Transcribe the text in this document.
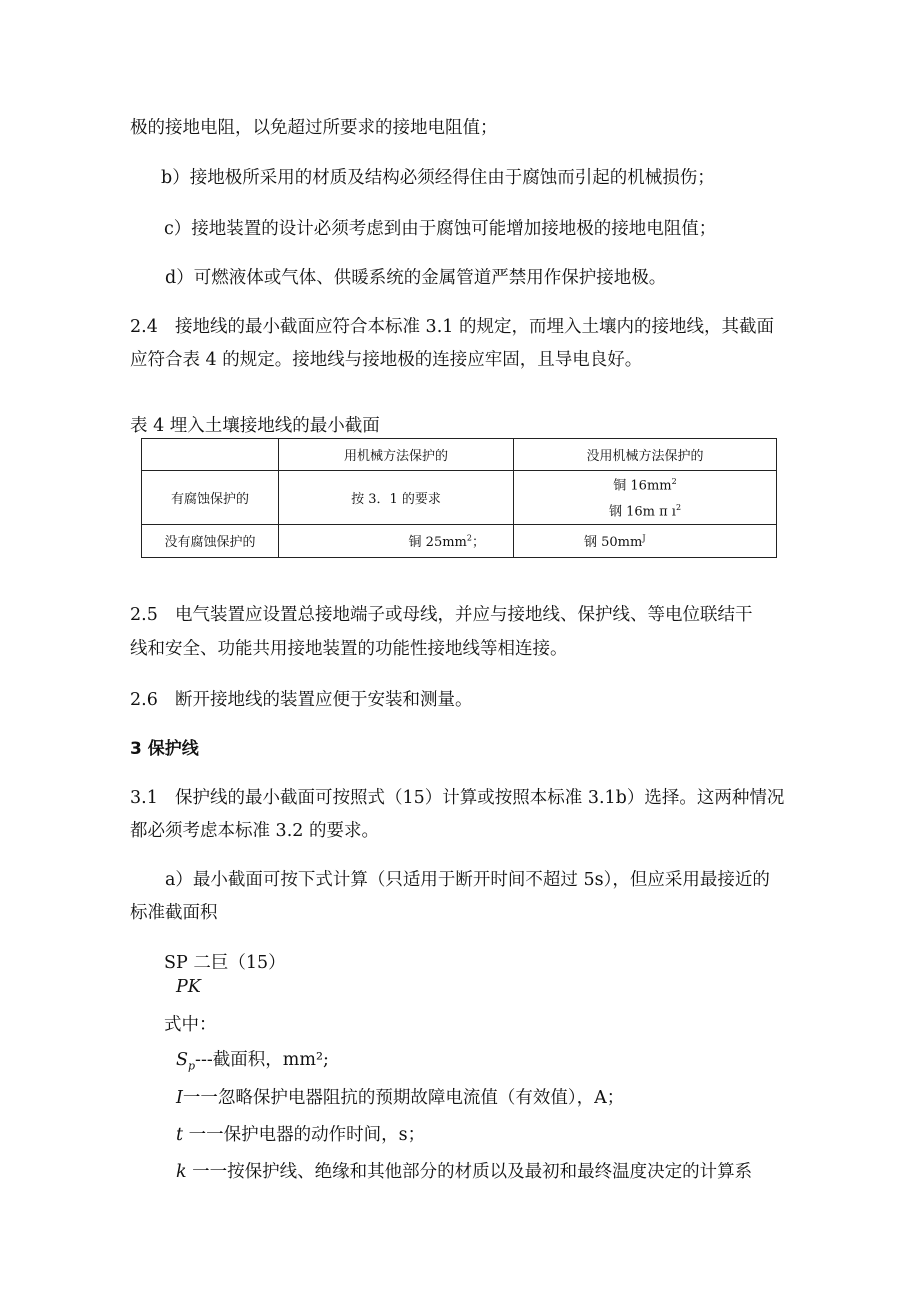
极的接地电阻，以免超过所要求的接地电阻值；
b）接地极所采用的材质及结构必须经得住由于腐蚀而引起的机械损伤；
c）接地装置的设计必须考虑到由于腐蚀可能增加接地极的接地电阻值；
d）可燃液体或气体、供暖系统的金属管道严禁用作保护接地极。
2.4 接地线的最小截面应符合本标准 3.1 的规定，而埋入土壤内的接地线，其截面
应符合表 4 的规定。接地线与接地极的连接应牢固，且导电良好。
表 4 埋入土壤接地线的最小截面
	用机械方法保护的	没用机械方法保护的
有腐蚀保护的	按 3．1 的要求	铜 $16mm^2$
钢 16m π $ı^2$

没有腐蚀保护的	铜 $25mm^2$；	钢 $50mm^J$
2.5 电气装置应设置总接地端子或母线，并应与接地线、保护线、等电位联结干
线和安全、功能共用接地装置的功能性接地线等相连接。
2.6 断开接地线的装置应便于安装和测量。
3 保护线
3.1 保护线的最小截面可按照式（15）计算或按照本标准 3.1b）选择。这两种情况
都必须考虑本标准 3.2 的要求。
a）最小截面可按下式计算（只适用于断开时间不超过 5s），但应采用最接近的
标准截面积
SP 二巨（15）
PK
式中：
$S_p---$截面积，mm²;
I一一忽略保护电器阻抗的预期故障电流值（有效值），A；
t 一一保护电器的动作时间，s；
k 一一按保护线、绝缘和其他部分的材质以及最初和最终温度决定的计算系
